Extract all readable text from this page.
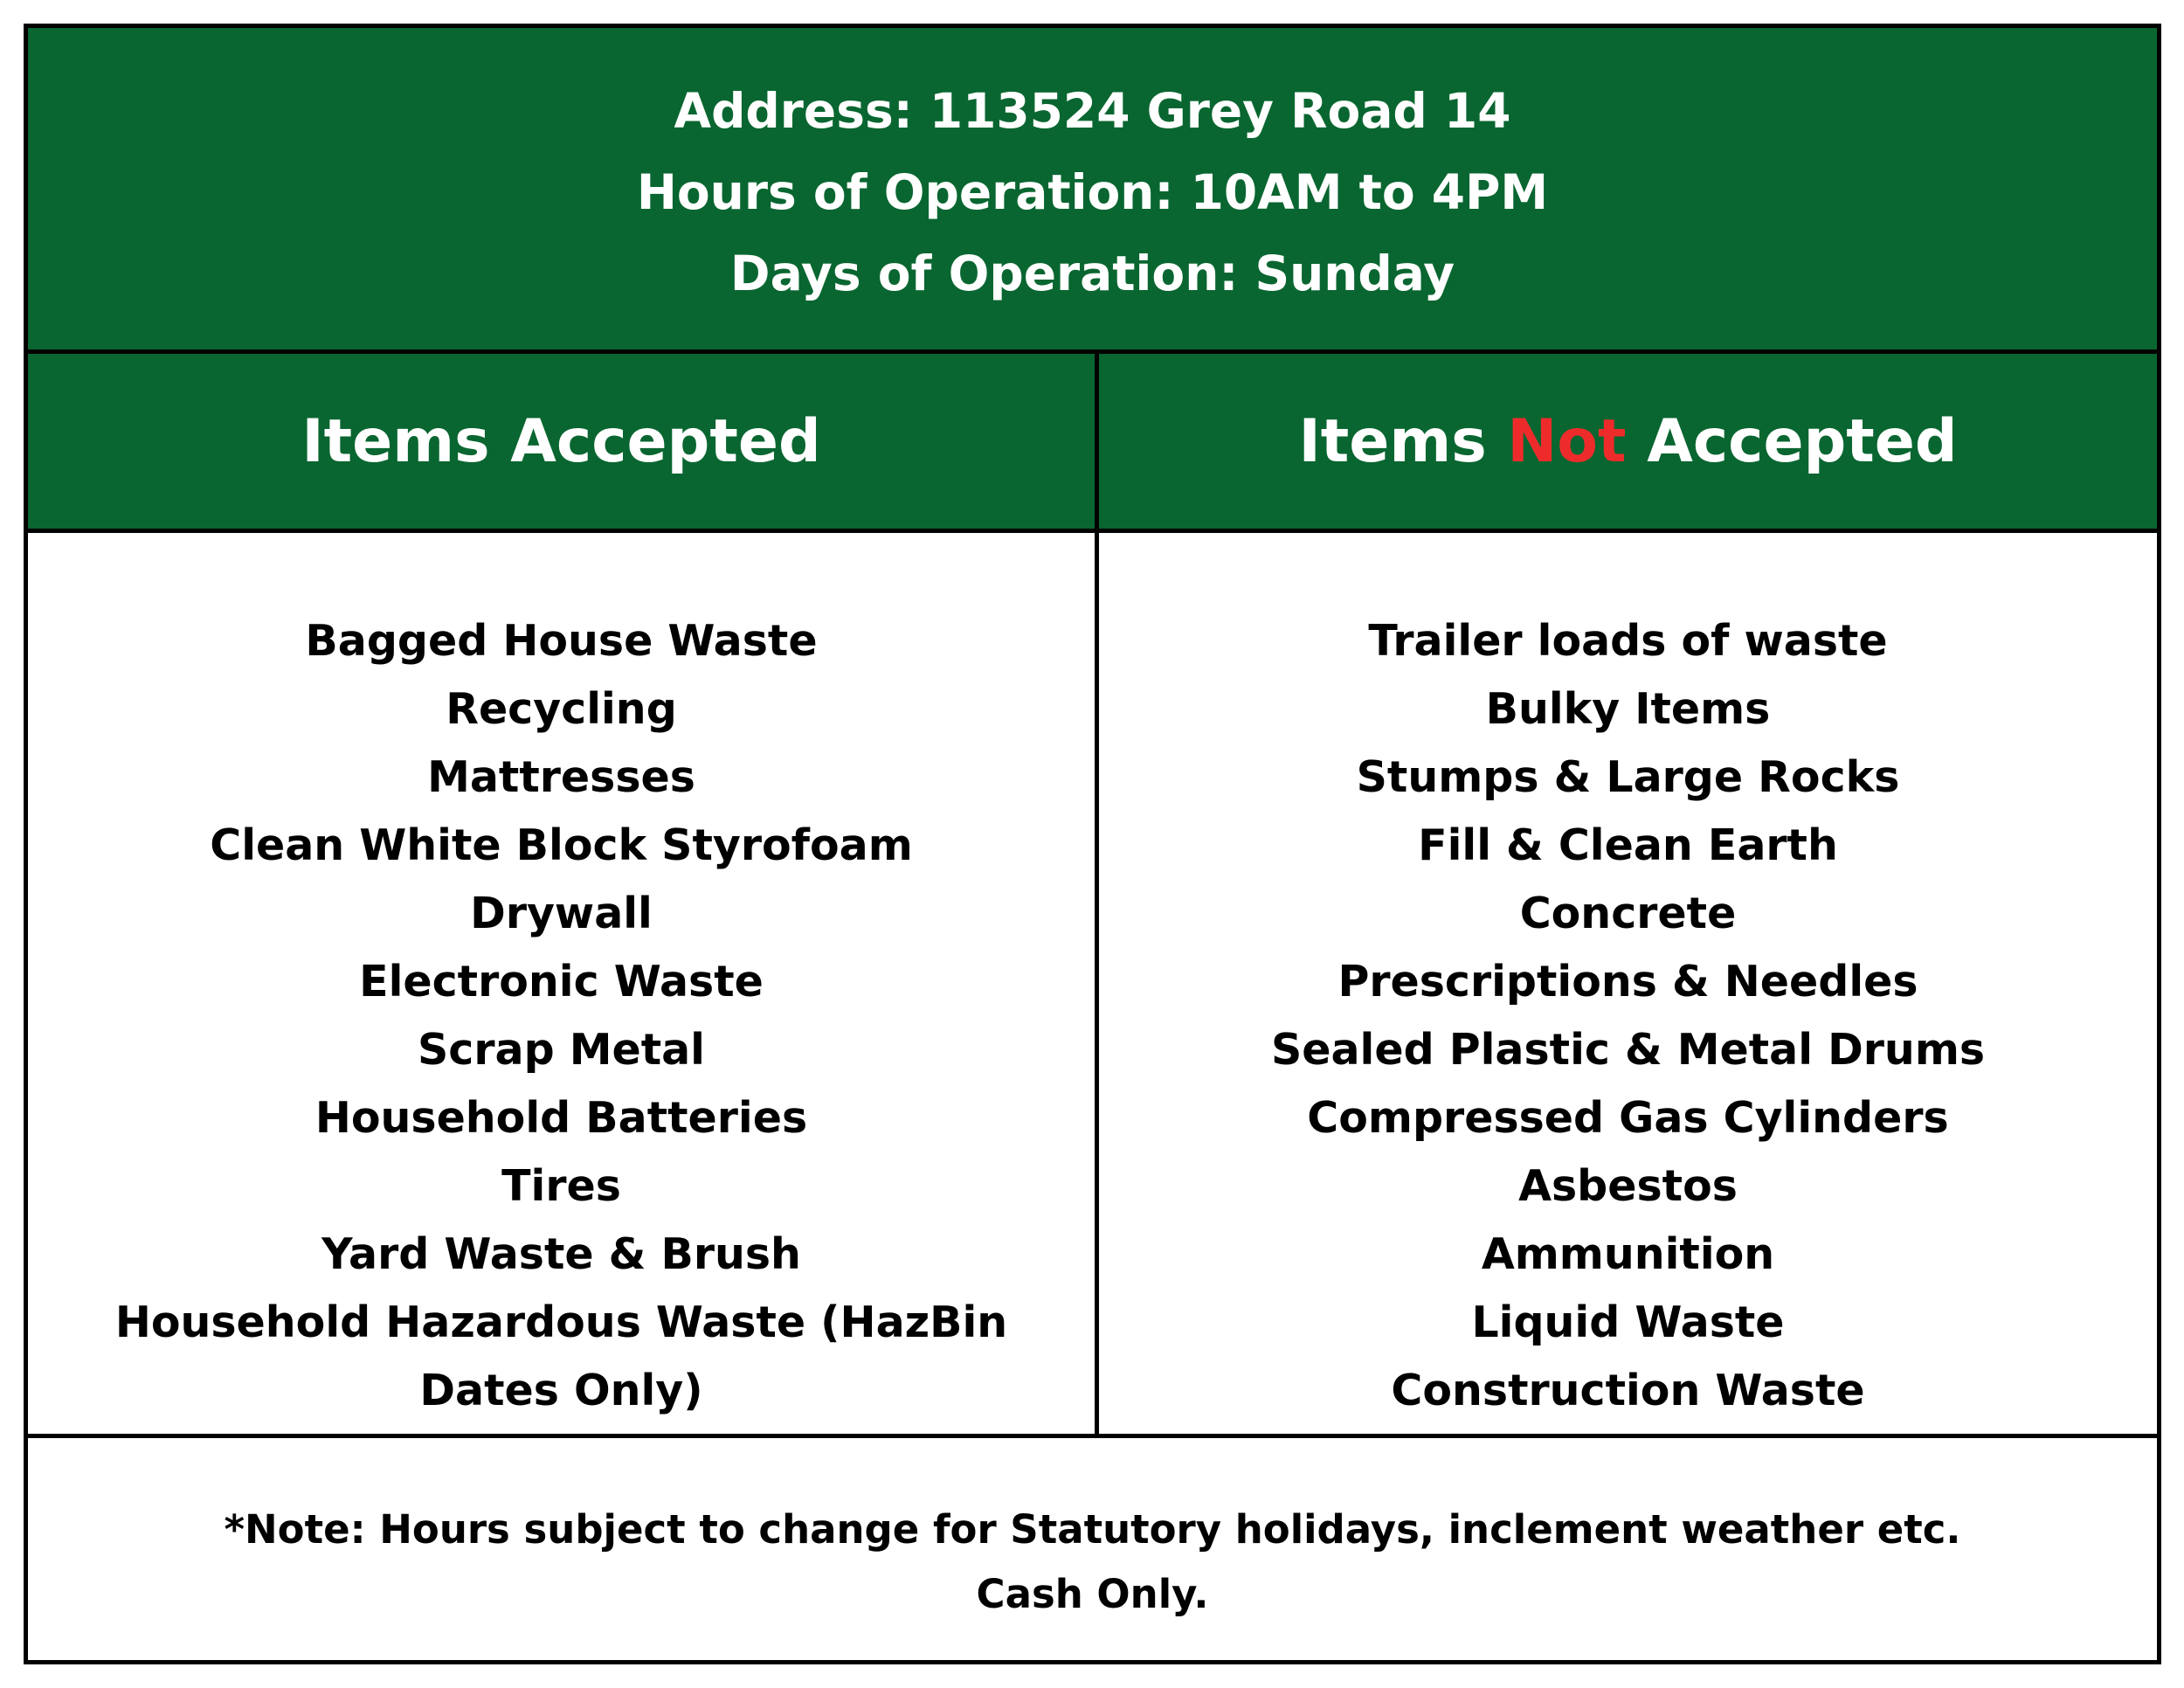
Address: 113524 Grey Road 14
Hours of Operation: 10AM to 4PM
Days of Operation: Sunday
Items Accepted	Items
Not
Accepted
Bagged House Waste
Recycling
Mattresses
Clean White Block Styrofoam
Drywall
Electronic Waste
Scrap Metal
Household Batteries
Tires
Yard Waste & Brush
Household Hazardous Waste (HazBin Dates Only)
Trailer loads of waste
Bulky Items
Stumps & Large Rocks
Fill & Clean Earth
Concrete
Prescriptions & Needles
Sealed Plastic & Metal Drums
Compressed Gas Cylinders
Asbestos
Ammunition
Liquid Waste
Construction Waste
*Note: Hours subject to change for Statutory holidays, inclement weather etc.
Cash Only.
